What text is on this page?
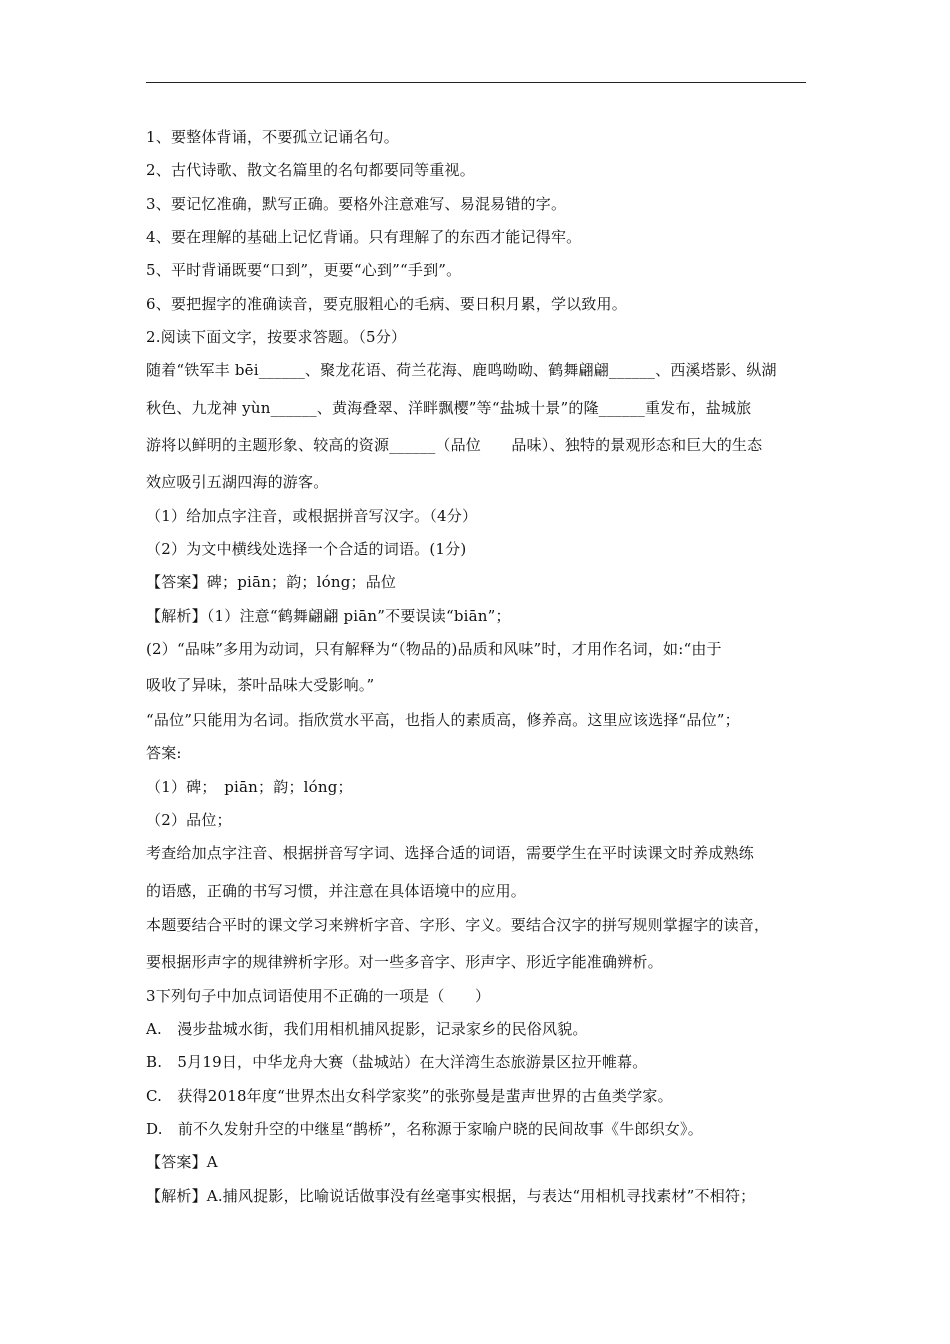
1、要整体背诵，不要孤立记诵名句。
2、古代诗歌、散文名篇里的名句都要同等重视。
3、要记忆准确，默写正确。要格外注意难写、易混易错的字。
4、要在理解的基础上记忆背诵。只有理解了的东西才能记得牢。
5、平时背诵既要“口到”，更要“心到”“手到”。
6、要把握字的准确读音，要克服粗心的毛病、要日积月累，学以致用。
2.阅读下面文字，按要求答题。（5分）
随着“铁军丰 bēi______、聚龙花语、荷兰花海、鹿鸣呦呦、鹤舞翩翩______、西溪塔影、纵湖
秋色、九龙神 yùn______、黄海叠翠、洋畔飘樱”等“盐城十景”的隆______重发布，盐城旅
游将以鲜明的主题形象、较高的资源______（品位　　品味）、独特的景观形态和巨大的生态
效应吸引五湖四海的游客。
（1）给加点字注音，或根据拼音写汉字。（4分）
（2）为文中横线处选择一个合适的词语。(1分)
【答案】碑；piān；韵；lóng；品位
【解析】（1）注意“鹤舞翩翩 piān”不要误读“biān”；
(2）“品味”多用为动词，只有解释为“（物品的)品质和风味”时，才用作名词，如:“由于
吸收了异味，茶叶品味大受影响。”
“品位”只能用为名词。指欣赏水平高，也指人的素质高，修养高。这里应该选择“品位”；
答案:
（1）碑；　piān；韵；lóng；
（2）品位；
考查给加点字注音、根据拼音写字词、选择合适的词语，需要学生在平时读课文时养成熟练
的语感，正确的书写习惯，并注意在具体语境中的应用。
本题要结合平时的课文学习来辨析字音、字形、字义。要结合汉字的拼写规则掌握字的读音，
要根据形声字的规律辨析字形。对一些多音字、形声字、形近字能准确辨析。
3下列句子中加点词语使用不正确的一项是（　　）
A.　漫步盐城水街，我们用相机捕风捉影，记录家乡的民俗风貌。
B.　5月19日，中华龙舟大赛（盐城站）在大洋湾生态旅游景区拉开帷幕。
C.　获得2018年度“世界杰出女科学家奖”的张弥曼是蜚声世界的古鱼类学家。
D.　前不久发射升空的中继星“鹊桥”，名称源于家喻户晓的民间故事《牛郎织女》。
【答案】A
【解析】A.捕风捉影，比喻说话做事没有丝毫事实根据，与表达“用相机寻找素材”不相符；
